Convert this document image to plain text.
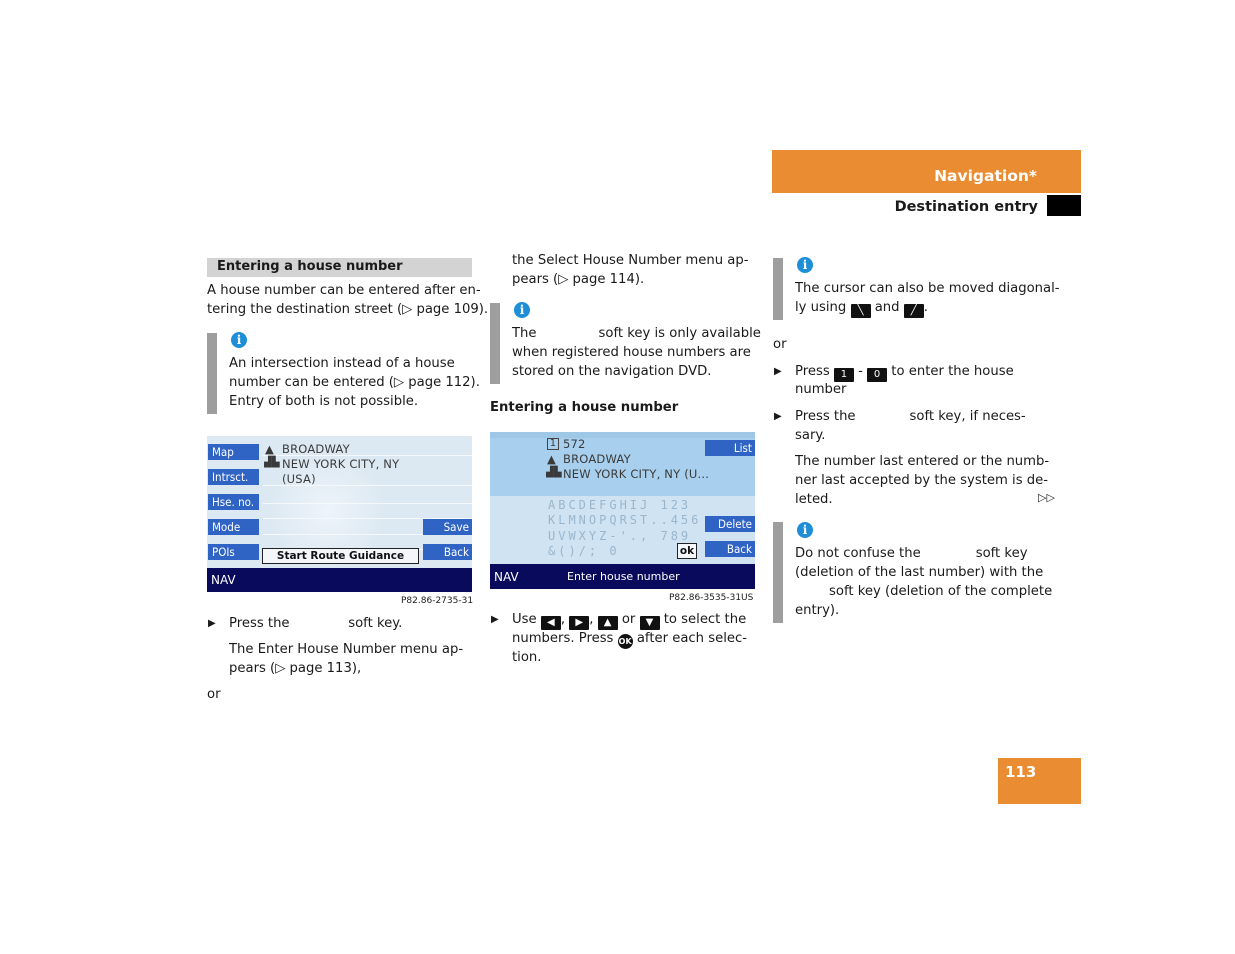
Navigation*
Destination entry
Entering a house number
A house number can be entered after en-
tering the destination street (▷ page 109).
i
An intersection instead of a house
number can be entered (▷ page 112).
Entry of both is not possible.
Map
Intrsct.
Hse. no.
Mode
POIs
Save
Back
▲ BROADWAY
▟▙ NEW YORK CITY, NY
(USA)
Start Route Guidance
NAV
P82.86-2735-31
▶ Press the              soft key.
The Enter House Number menu ap-
pears (▷ page 113),
or
the Select House Number menu ap-
pears (▷ page 114).
i
The	soft key is only available
when registered house numbers are
stored on the navigation DVD.
Entering a house number
1 572
▲ BROADWAY
▟▙ NEW YORK CITY, NY (U...
ABCDEFGHIJ 123
KLMNOPQRST..456
UVWXYZ-'., 789
&()/; 0	ok
List
Delete
Back
NAV	Enter house number
P82.86-3535-31US
▶ Use ◀ , ▶ , ▲ or ▼ to select the
numbers. Press OK after each selec-
tion.
i
The cursor can also be moved diagonal-
ly using ╲ and ╱ .
or
▶ Press 1 - 0 to enter the house
number
▶ Press the	soft key, if neces-
sary.
The number last entered or the numb-
ner last accepted by the system is de-
leted.	▷▷
i
Do not confuse the	soft key
(deletion of the last number) with the
soft key (deletion of the complete
entry).
113
